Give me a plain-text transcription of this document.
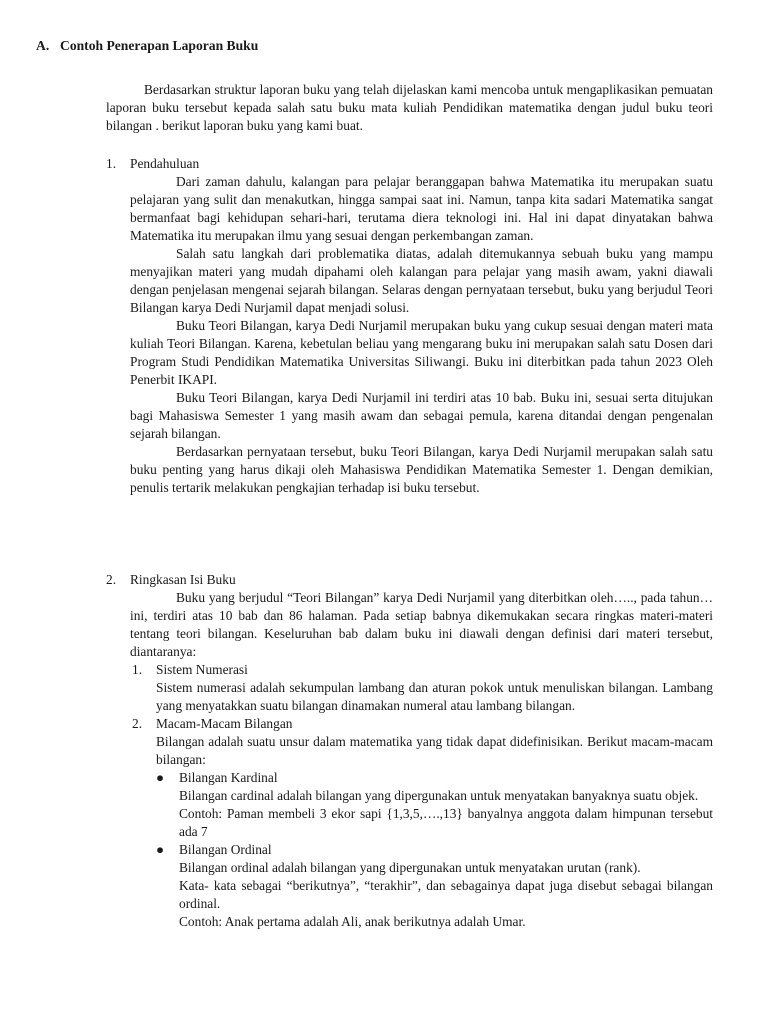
A. Contoh Penerapan Laporan Buku
Berdasarkan struktur laporan buku yang telah dijelaskan kami mencoba untuk mengaplikasikan pemuatan laporan buku tersebut kepada salah satu buku mata kuliah Pendidikan matematika dengan judul buku teori bilangan . berikut laporan buku yang kami buat.
1.	Pendahuluan
Dari zaman dahulu, kalangan para pelajar beranggapan bahwa Matematika itu merupakan suatu pelajaran yang sulit dan menakutkan, hingga sampai saat ini. Namun, tanpa kita sadari Matematika sangat bermanfaat bagi kehidupan sehari-hari, terutama diera teknologi ini. Hal ini dapat dinyatakan bahwa Matematika itu merupakan ilmu yang sesuai dengan perkembangan zaman.
Salah satu langkah dari problematika diatas, adalah ditemukannya sebuah buku yang mampu menyajikan materi yang mudah dipahami oleh kalangan para pelajar yang masih awam, yakni diawali dengan penjelasan mengenai sejarah bilangan. Selaras dengan pernyataan tersebut, buku yang berjudul Teori Bilangan karya Dedi Nurjamil dapat menjadi solusi.
Buku Teori Bilangan, karya Dedi Nurjamil merupakan buku yang cukup sesuai dengan materi mata kuliah Teori Bilangan. Karena, kebetulan beliau yang mengarang buku ini merupakan salah satu Dosen dari Program Studi Pendidikan Matematika Universitas Siliwangi. Buku ini diterbitkan pada tahun 2023 Oleh Penerbit IKAPI.
Buku Teori Bilangan, karya Dedi Nurjamil ini terdiri atas 10 bab. Buku ini, sesuai serta ditujukan bagi Mahasiswa Semester 1 yang masih awam dan sebagai pemula, karena ditandai dengan pengenalan sejarah bilangan.
Berdasarkan pernyataan tersebut, buku Teori Bilangan, karya Dedi Nurjamil merupakan salah satu buku penting yang harus dikaji oleh Mahasiswa Pendidikan Matematika Semester 1. Dengan demikian, penulis tertarik melakukan pengkajian terhadap isi buku tersebut.
2.	Ringkasan Isi Buku
Buku yang berjudul “Teori Bilangan” karya Dedi Nurjamil yang diterbitkan oleh….., pada tahun… ini, terdiri atas 10 bab dan 86 halaman. Pada setiap babnya dikemukakan secara ringkas materi-materi tentang teori bilangan. Keseluruhan bab dalam buku ini diawali dengan definisi dari materi tersebut, diantaranya:
1.	Sistem Numerasi
Sistem numerasi adalah sekumpulan lambang dan aturan pokok untuk menuliskan bilangan. Lambang yang menyatakkan suatu bilangan dinamakan numeral atau lambang bilangan.
2.	Macam-Macam Bilangan
Bilangan adalah suatu unsur dalam matematika yang tidak dapat didefinisikan. Berikut macam-macam bilangan:
●	Bilangan Kardinal
Bilangan cardinal adalah bilangan yang dipergunakan untuk menyatakan banyaknya suatu objek.
Contoh: Paman membeli 3 ekor sapi {1,3,5,….,13} banyalnya anggota dalam himpunan tersebut ada 7
●	Bilangan Ordinal
Bilangan ordinal adalah bilangan yang dipergunakan untuk menyatakan urutan (rank).
Kata- kata sebagai “berikutnya”, “terakhir”, dan sebagainya dapat juga disebut sebagai bilangan ordinal.
Contoh: Anak pertama adalah Ali, anak berikutnya adalah Umar.
